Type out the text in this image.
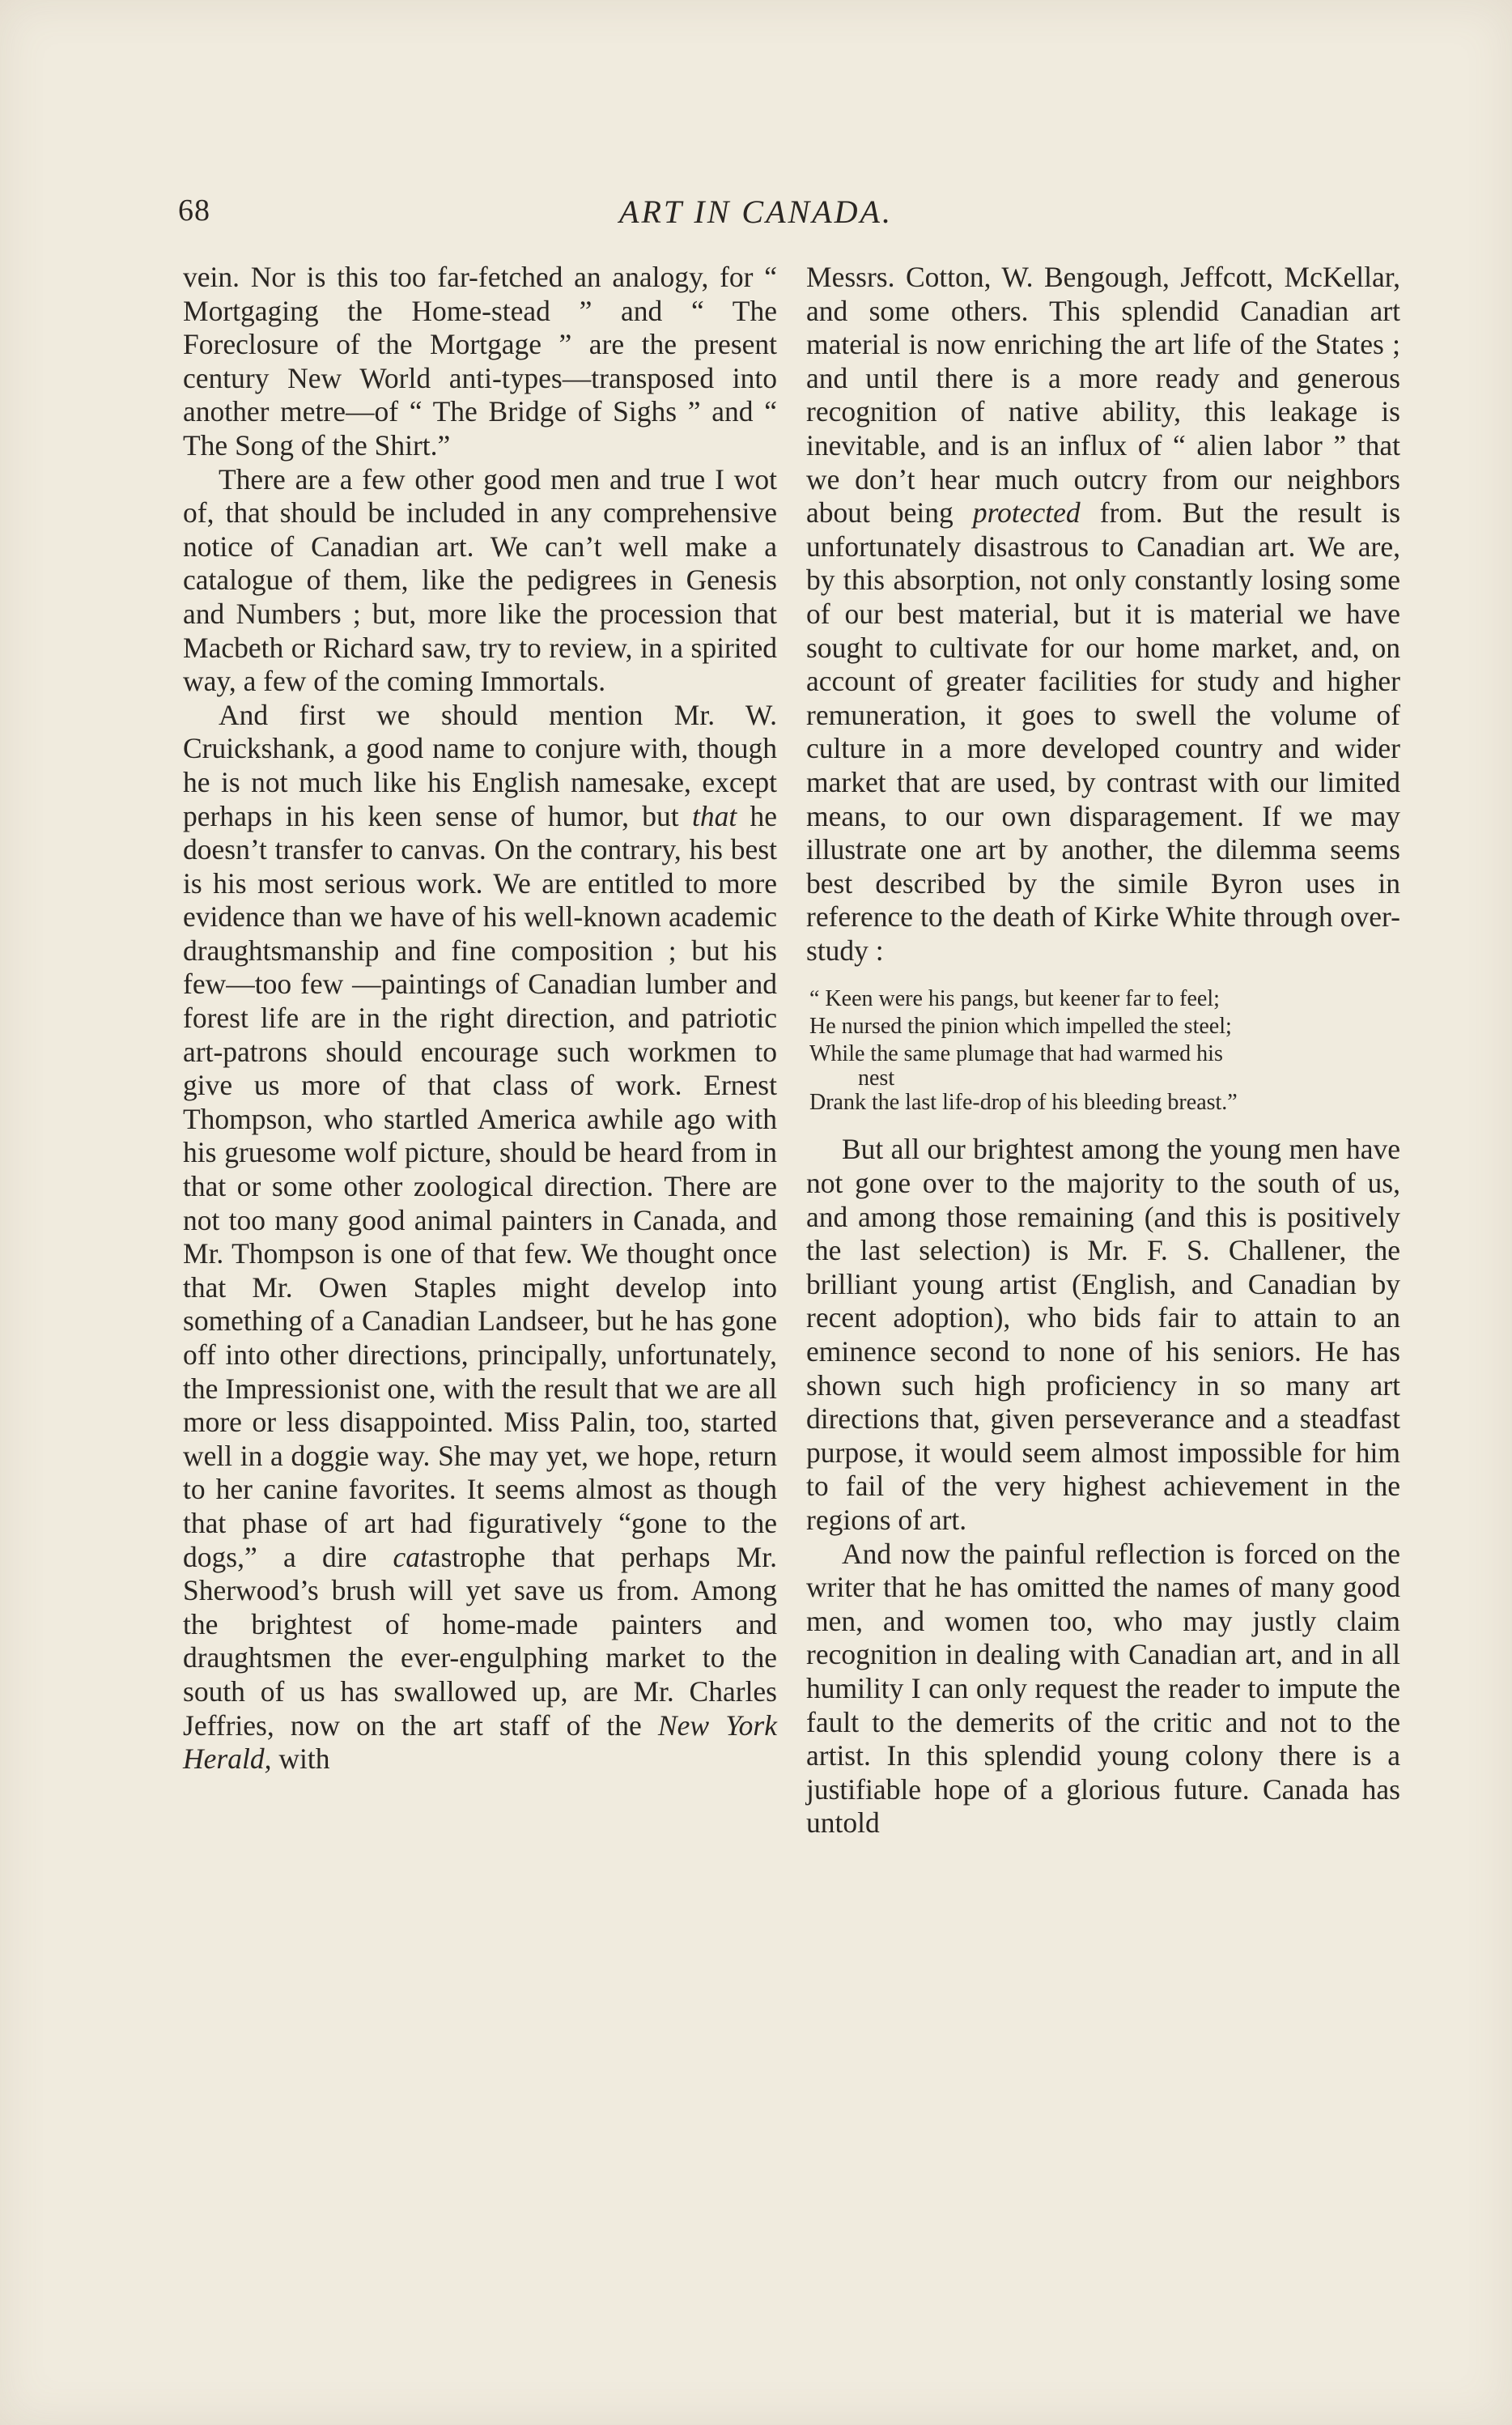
68	ART IN CANADA.

vein. Nor is this too far-fetched an analogy, for “ Mortgaging the Home-stead ” and “ The Foreclosure of the Mortgage ” are the present century New World anti-types—transposed into another metre—of “ The Bridge of Sighs ” and “ The Song of the Shirt.”

There are a few other good men and true I wot of, that should be included in any comprehensive notice of Canadian art. We can’t well make a catalogue of them, like the pedigrees in Genesis and Numbers ; but, more like the procession that Macbeth or Richard saw, try to review, in a spirited way, a few of the coming Immortals.

And first we should mention Mr. W. Cruickshank, a good name to conjure with, though he is not much like his English namesake, except perhaps in his keen sense of humor, but that he doesn’t transfer to canvas. On the contrary, his best is his most serious work. We are entitled to more evidence than we have of his well-known academic draughtsmanship and fine composition ; but his few—too few —paintings of Canadian lumber and forest life are in the right direction, and patriotic art-patrons should encourage such workmen to give us more of that class of work. Ernest Thompson, who startled America awhile ago with his gruesome wolf picture, should be heard from in that or some other zoological direction. There are not too many good animal painters in Canada, and Mr. Thompson is one of that few. We thought once that Mr. Owen Staples might develop into something of a Canadian Landseer, but he has gone off into other directions, principally, unfortunately, the Impressionist one, with the result that we are all more or less disappointed. Miss Palin, too, started well in a doggie way. She may yet, we hope, return to her canine favorites. It seems almost as though that phase of art had figuratively “gone to the dogs,” a dire catastrophe that perhaps Mr. Sherwood’s brush will yet save us from. Among the brightest of home-made painters and draughtsmen the ever-engulphing market to the south of us has swallowed up, are Mr. Charles Jeffries, now on the art staff of the New York Herald, with

Messrs. Cotton, W. Bengough, Jeffcott, McKellar, and some others. This splendid Canadian art material is now enriching the art life of the States ; and until there is a more ready and generous recognition of native ability, this leakage is inevitable, and is an influx of “ alien labor ” that we don’t hear much outcry from our neighbors about being protected from. But the result is unfortunately disastrous to Canadian art. We are, by this absorption, not only constantly losing some of our best material, but it is material we have sought to cultivate for our home market, and, on account of greater facilities for study and higher remuneration, it goes to swell the volume of culture in a more developed country and wider market that are used, by contrast with our limited means, to our own disparagement. If we may illustrate one art by another, the dilemma seems best described by the simile Byron uses in reference to the death of Kirke White through over-study :

“ Keen were his pangs, but keener far to feel;
He nursed the pinion which impelled the steel;
While the same plumage that had warmed his
nest
Drank the last life-drop of his bleeding breast.”

But all our brightest among the young men have not gone over to the majority to the south of us, and among those remaining (and this is positively the last selection) is Mr. F. S. Challener, the brilliant young artist (English, and Canadian by recent adoption), who bids fair to attain to an eminence second to none of his seniors. He has shown such high proficiency in so many art directions that, given perseverance and a steadfast purpose, it would seem almost impossible for him to fail of the very highest achievement in the regions of art.

And now the painful reflection is forced on the writer that he has omitted the names of many good men, and women too, who may justly claim recognition in dealing with Canadian art, and in all humility I can only request the reader to impute the fault to the demerits of the critic and not to the artist. In this splendid young colony there is a justifiable hope of a glorious future. Canada has untold
